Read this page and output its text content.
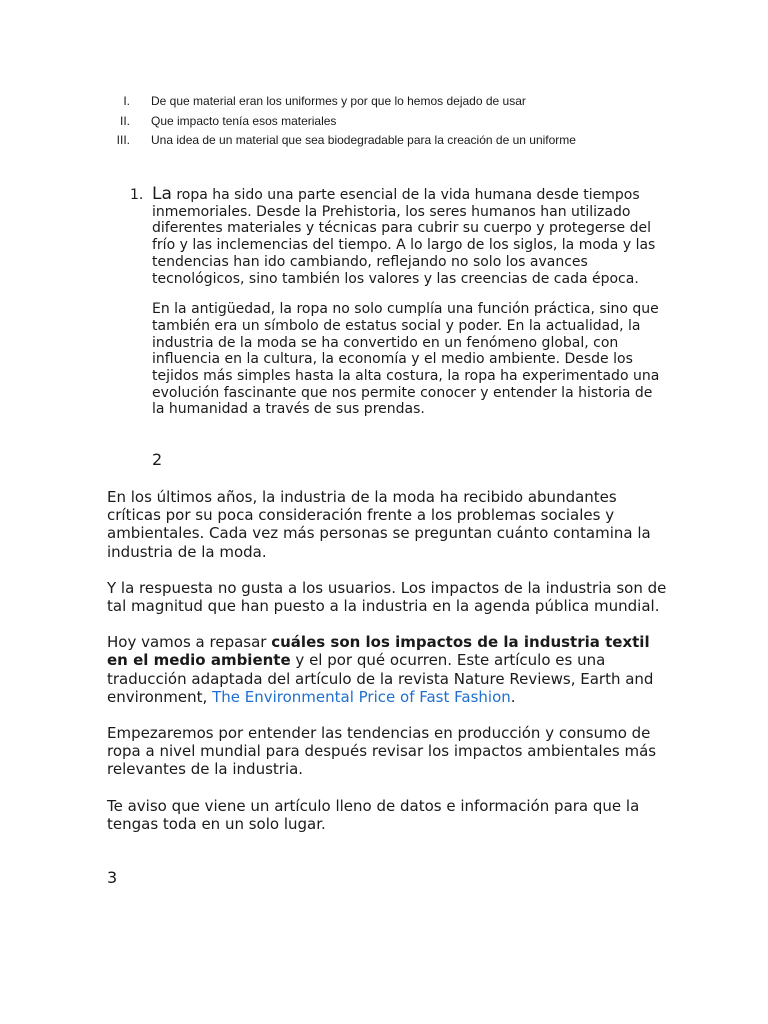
I.	De que material eran los uniformes y por que lo hemos dejado de usar
II.	Que impacto tenía esos materiales
III.	Una idea de un material que sea biodegradable para la creación de un uniforme
1. La ropa ha sido una parte esencial de la vida humana desde tiempos inmemoriales. Desde la Prehistoria, los seres humanos han utilizado diferentes materiales y técnicas para cubrir su cuerpo y protegerse del frío y las inclemencias del tiempo. A lo largo de los siglos, la moda y las tendencias han ido cambiando, reflejando no solo los avances tecnológicos, sino también los valores y las creencias de cada época.

En la antigüedad, la ropa no solo cumplía una función práctica, sino que también era un símbolo de estatus social y poder. En la actualidad, la industria de la moda se ha convertido en un fenómeno global, con influencia en la cultura, la economía y el medio ambiente. Desde los tejidos más simples hasta la alta costura, la ropa ha experimentado una evolución fascinante que nos permite conocer y entender la historia de la humanidad a través de sus prendas.

2

En los últimos años, la industria de la moda ha recibido abundantes críticas por su poca consideración frente a los problemas sociales y ambientales. Cada vez más personas se preguntan cuánto contamina la industria de la moda.

Y la respuesta no gusta a los usuarios. Los impactos de la industria son de tal magnitud que han puesto a la industria en la agenda pública mundial.

Hoy vamos a repasar cuáles son los impactos de la industria textil en el medio ambiente y el por qué ocurren. Este artículo es una traducción adaptada del artículo de la revista Nature Reviews, Earth and environment, The Environmental Price of Fast Fashion.

Empezaremos por entender las tendencias en producción y consumo de ropa a nivel mundial para después revisar los impactos ambientales más relevantes de la industria.

Te aviso que viene un artículo lleno de datos e información para que la tengas toda en un solo lugar.

3
